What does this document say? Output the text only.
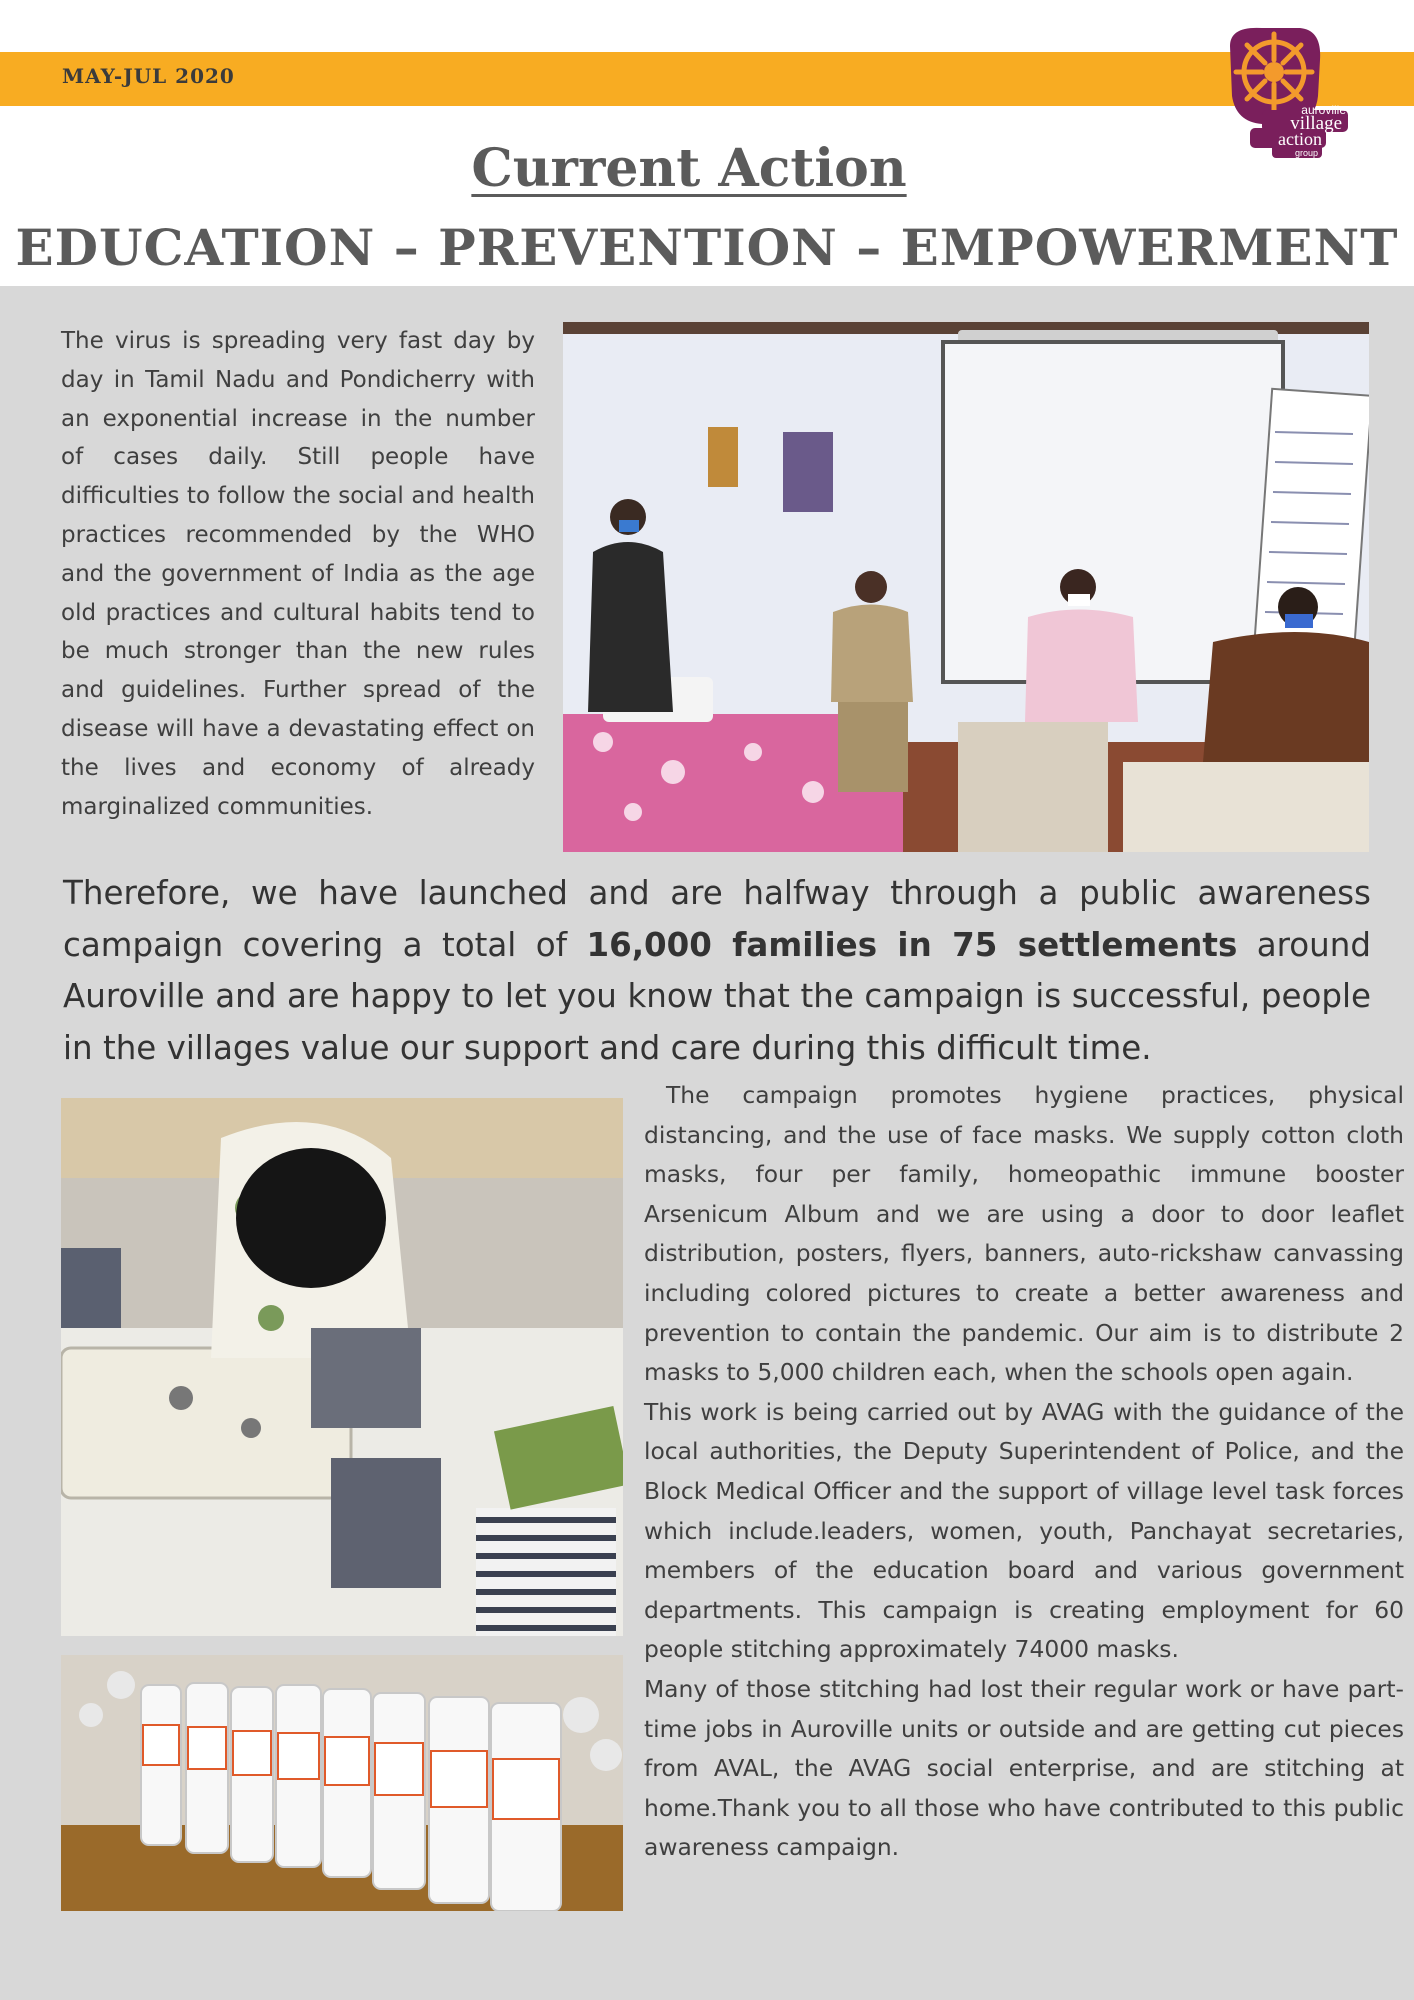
MAY-JUL 2020
auroville
village
action
group
Current Action
EDUCATION – PREVENTION – EMPOWERMENT
The virus is spreading very fast day by day in Tamil Nadu and Pondicherry with an exponential increase in the number of cases daily. Still people have difficulties to follow the social and health practices recommended by the WHO and the government of India as the age old practices and cultural habits tend to be much stronger than the new rules and guidelines. Further spread of the disease will have a devastating effect on the lives and economy of already marginalized communities.
Therefore, we have launched and are halfway through a public awareness campaign covering a total of 16,000 families in 75 settlements around Auroville and are happy to let you know that the campaign is successful, people in the villages value our support and care during this difficult time.

The campaign promotes hygiene practices, physical distancing, and the use of face masks. We supply cotton cloth masks, four per family, homeopathic immune booster Arsenicum Album and we are using a door to door leaflet distribution, posters, flyers, banners, auto-rickshaw canvassing including colored pictures to create a better awareness and prevention to contain the pandemic. Our aim is to distribute 2 masks to 5,000 children each, when the schools open again.

This work is being carried out by AVAG with the guidance of the local authorities, the Deputy Superintendent of Police, and the Block Medical Officer and the support of village level task forces which include.leaders, women, youth, Panchayat secretaries, members of the education board and various government departments. This campaign is creating employment for 60 people stitching approximately 74000 masks.

Many of those stitching had lost their regular work or have part-time jobs in Auroville units or outside and are getting cut pieces from AVAL, the AVAG social enterprise, and are stitching at home.Thank you to all those who have contributed to this public awareness campaign.
